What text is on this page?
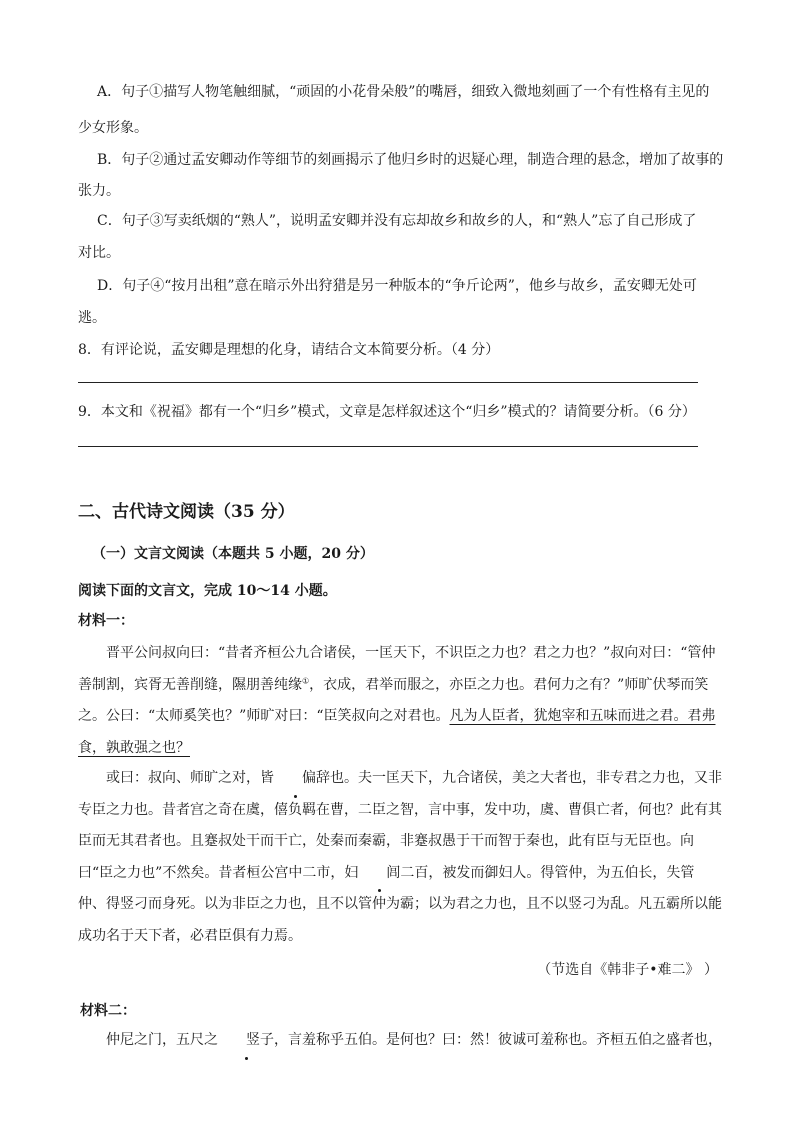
A．句子①描写人物笔触细腻，“顽固的小花骨朵般”的嘴唇，细致入微地刻画了一个有性格有主见的
少女形象。
B．句子②通过孟安卿动作等细节的刻画揭示了他归乡时的迟疑心理，制造合理的悬念，增加了故事的
张力。
C．句子③写卖纸烟的“熟人”，说明孟安卿并没有忘却故乡和故乡的人，和“熟人”忘了自己形成了
对比。
D．句子④“按月出租”意在暗示外出狩猎是另一种版本的“争斤论两”，他乡与故乡，孟安卿无处可
逃。
8．有评论说，孟安卿是理想的化身，请结合文本简要分析。（4 分）
9．本文和《祝福》都有一个“归乡”模式，文章是怎样叙述这个“归乡”模式的？请简要分析。（6 分）
二、古代诗文阅读（35 分）
（一）文言文阅读（本题共 5 小题，20 分）
阅读下面的文言文，完成 10～14 小题。
材料一：
晋平公问叔向曰：“昔者齐桓公九合诸侯，一匡天下，不识臣之力也？君之力也？”叔向对曰：“管仲善制割，宾胥无善削缝，隰朋善纯缘①，衣成，君举而服之，亦臣之力也。君何力之有？”师旷伏琴而笑之。公曰：“太师奚笑也？”师旷对曰：“臣笑叔向之对君也。凡为人臣者，犹炮宰和五味而进之君。君弗食，孰敢强之也？
或曰：叔向、师旷之对，皆 偏辞也。夫一匡天下，九合诸侯，美之大者也，非专君之力也，又非专臣之力也。昔者宫之奇在虞，僖负羁在曹，二臣之智，言中事，发中功，虞、曹俱亡者，何也？此有其臣而无其君者也。且蹇叔处干而干亡，处秦而秦霸，非蹇叔愚于干而智于秦也，此有臣与无臣也。向曰“臣之力也”不然矣。昔者桓公宫中二市，妇 闾二百，被发而御妇人。得管仲，为五伯长，失管仲、得竖刁而身死。以为非臣之力也，且不以管仲为霸；以为君之力也，且不以竖刁为乱。凡五霸所以能成功名于天下者，必君臣俱有力焉。
（节选自《韩非子•难二》 ）
材料二：
仲尼之门，五尺之 竖子，言羞称乎五伯。是何也？曰：然！彼诚可羞称也。齐桓五伯之盛者也，
